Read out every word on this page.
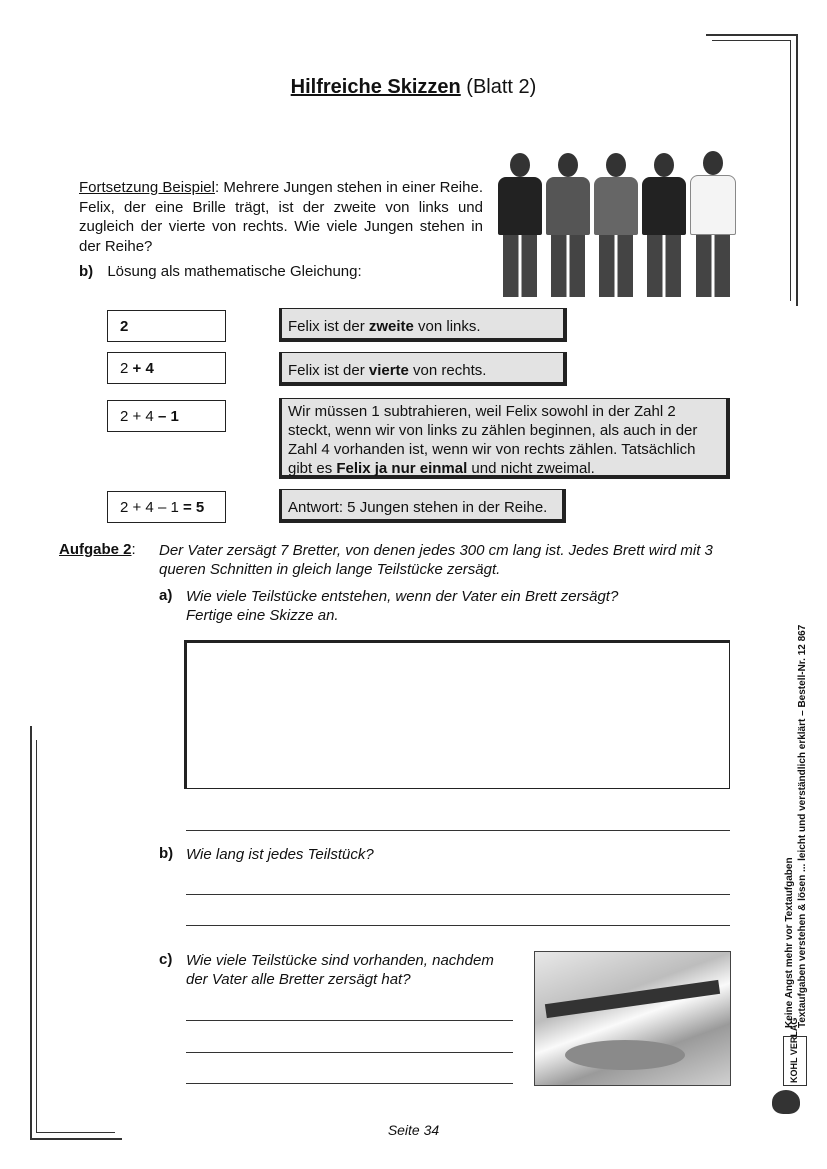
Hilfreiche Skizzen (Blatt 2)
Fortsetzung Beispiel: Mehrere Jungen stehen in einer Reihe. Felix, der eine Brille trägt, ist der zweite von links und zugleich der vierte von rechts. Wie viele Jungen stehen in der Reihe?
b) Lösung als mathematische Gleichung:
2	Felix ist der zweite von links.
2 + 4	Felix ist der vierte von rechts.
2 + 4 – 1	Wir müssen 1 subtrahieren, weil Felix sowohl in der Zahl 2 steckt, wenn wir von links zu zählen beginnen, als auch in der Zahl 4 vorhanden ist, wenn wir von rechts zählen. Tatsächlich gibt es Felix ja nur einmal und nicht zweimal.
2 + 4 – 1 = 5	Antwort: 5 Jungen stehen in der Reihe.
Aufgabe 2: Der Vater zersägt 7 Bretter, von denen jedes 300 cm lang ist. Jedes Brett wird mit 3 queren Schnitten in gleich lange Teilstücke zersägt.
a) Wie viele Teilstücke entstehen, wenn der Vater ein Brett zersägt? Fertige eine Skizze an.
b) Wie lang ist jedes Teilstück?
c) Wie viele Teilstücke sind vorhanden, nachdem der Vater alle Bretter zersägt hat?
Seite 34
Keine Angst mehr vor Textaufgaben Textaufgaben verstehen & lösen ... leicht und verständlich erklärt – Bestell-Nr. 12 867
KOHL VERLAG
